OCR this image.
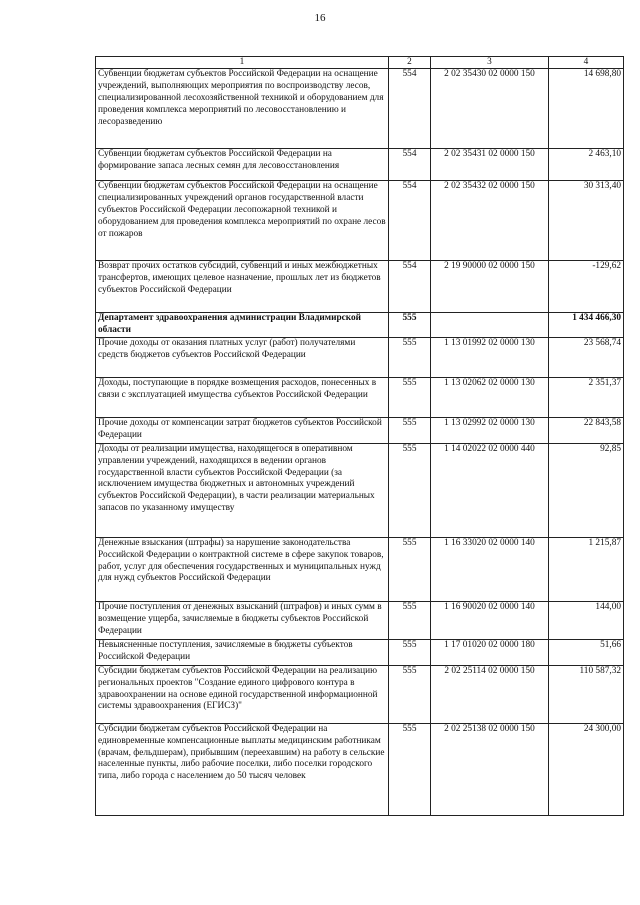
16
1	2	3	4
Субвенции бюджетам субъектов Российской Федерации на оснащение учреждений, выполняющих мероприятия по воспроизводству лесов, специализированной лесохозяйственной техникой и оборудованием для проведения комплекса мероприятий по лесовосстановлению и лесоразведению	554	2 02 35430 02 0000 150	14 698,80
Субвенции бюджетам субъектов Российской Федерации на формирование запаса лесных семян для лесовосстановления	554	2 02 35431 02 0000 150	2 463,10
Субвенции бюджетам субъектов Российской Федерации на оснащение специализированных учреждений органов государственной власти субъектов Российской Федерации лесопожарной техникой и оборудованием для проведения комплекса мероприятий по охране лесов от пожаров	554	2 02 35432 02 0000 150	30 313,40
Возврат прочих остатков субсидий, субвенций и иных межбюджетных трансфертов, имеющих целевое назначение, прошлых лет из бюджетов субъектов Российской Федерации	554	2 19 90000 02 0000 150	-129,62
Департамент здравоохранения администрации Владимирской области	555		1 434 466,30
Прочие доходы от оказания платных услуг (работ) получателями средств бюджетов субъектов Российской Федерации	555	1 13 01992 02 0000 130	23 568,74
Доходы, поступающие в порядке возмещения расходов, понесенных в связи с эксплуатацией имущества субъектов Российской Федерации	555	1 13 02062 02 0000 130	2 351,37
Прочие доходы от компенсации затрат бюджетов субъектов Российской Федерации	555	1 13 02992 02 0000 130	22 843,58
Доходы от реализации имущества, находящегося в оперативном управлении учреждений, находящихся в ведении органов государственной власти субъектов Российской Федерации (за исключением имущества бюджетных и автономных учреждений субъектов Российской Федерации), в части реализации материальных запасов по указанному имуществу	555	1 14 02022 02 0000 440	92,85
Денежные взыскания (штрафы) за нарушение законодательства Российской Федерации о контрактной системе в сфере закупок товаров, работ, услуг для обеспечения государственных и муниципальных нужд для нужд субъектов Российской Федерации	555	1 16 33020 02 0000 140	1 215,87
Прочие поступления от денежных взысканий (штрафов) и иных сумм в возмещение ущерба, зачисляемые в бюджеты субъектов Российской Федерации	555	1 16 90020 02 0000 140	144,00
Невыясненные поступления, зачисляемые в бюджеты субъектов Российской Федерации	555	1 17 01020 02 0000 180	51,66
Субсидии бюджетам субъектов Российской Федерации на реализацию региональных проектов "Создание единого цифрового контура в здравоохранении на основе единой государственной информационной системы здравоохранения (ЕГИСЗ)"	555	2 02 25114 02 0000 150	110 587,32
Субсидии бюджетам субъектов Российской Федерации на единовременные компенсационные выплаты медицинским работникам (врачам, фельдшерам), прибывшим (переехавшим) на работу в сельские населенные пункты, либо рабочие поселки, либо поселки городского типа, либо города с населением до 50 тысяч человек	555	2 02 25138 02 0000 150	24 300,00
